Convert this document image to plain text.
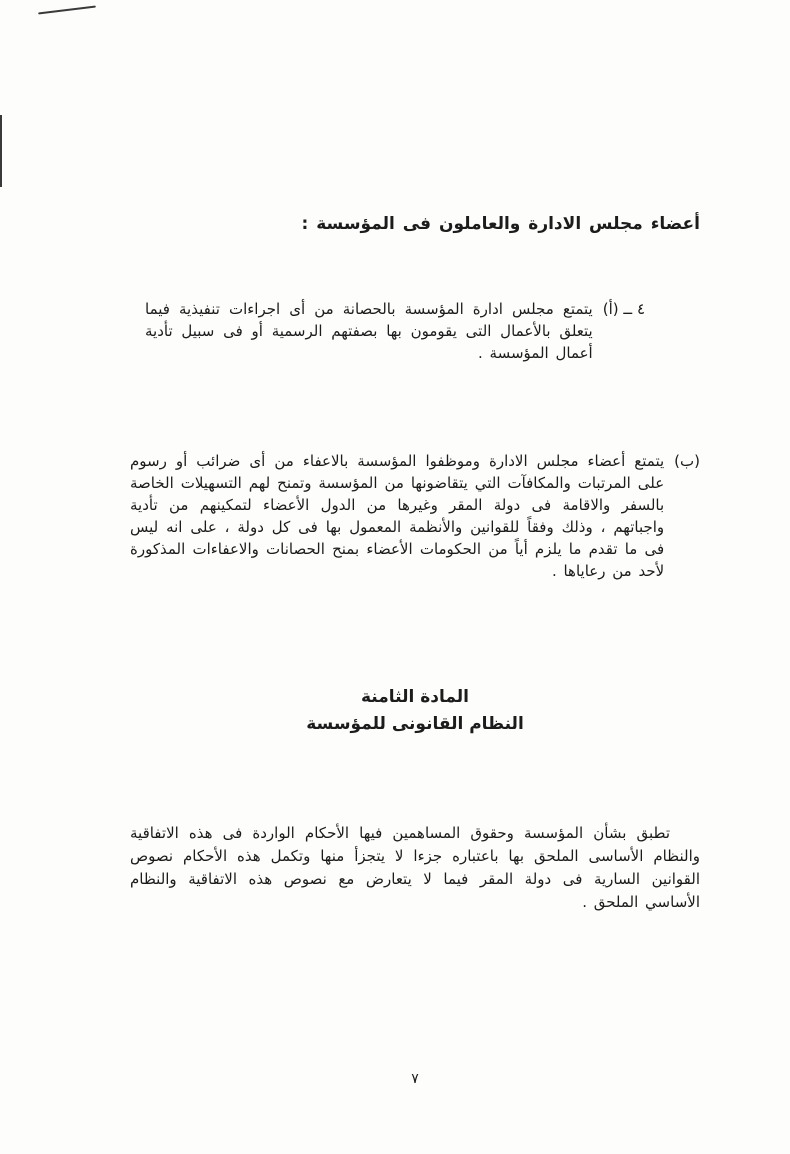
أعضاء مجلس الادارة والعاملون فى المؤسسة :
٤ ــ (أ)

يتمتع مجلس ادارة المؤسسة بالحصانة من أى اجراءات تنفيذية فيما يتعلق بالأعمال التى يقومون بها بصفتهم الرسمية أو فى سبيل تأدية أعمال المؤسسة .

(ب)

يتمتع أعضاء مجلس الادارة وموظفوا المؤسسة بالاعفاء من أى ضرائب أو رسوم على المرتبات والمكافآت التي يتقاضونها من المؤسسة وتمنح لهم التسهيلات الخاصة بالسفر والاقامة فى دولة المقر وغيرها من الدول الأعضاء لتمكينهم من تأدية واجباتهم ، وذلك وفقاً للقوانين والأنظمة المعمول بها فى كل دولة ، على انه ليس فى ما تقدم ما يلزم أياً من الحكومات الأعضاء بمنح الحصانات والاعفاءات المذكورة لأحد من رعاياها .

المادة الثامنة
النظام القانونى للمؤسسة

تطبق بشأن المؤسسة وحقوق المساهمين فيها الأحكام الواردة فى هذه الاتفاقية والنظام الأساسى الملحق بها باعتباره جزءا لا يتجزأ منها وتكمل هذه الأحكام نصوص القوانين السارية فى دولة المقر فيما لا يتعارض مع نصوص هذه الاتفاقية والنظام الأساسي الملحق .

٧
